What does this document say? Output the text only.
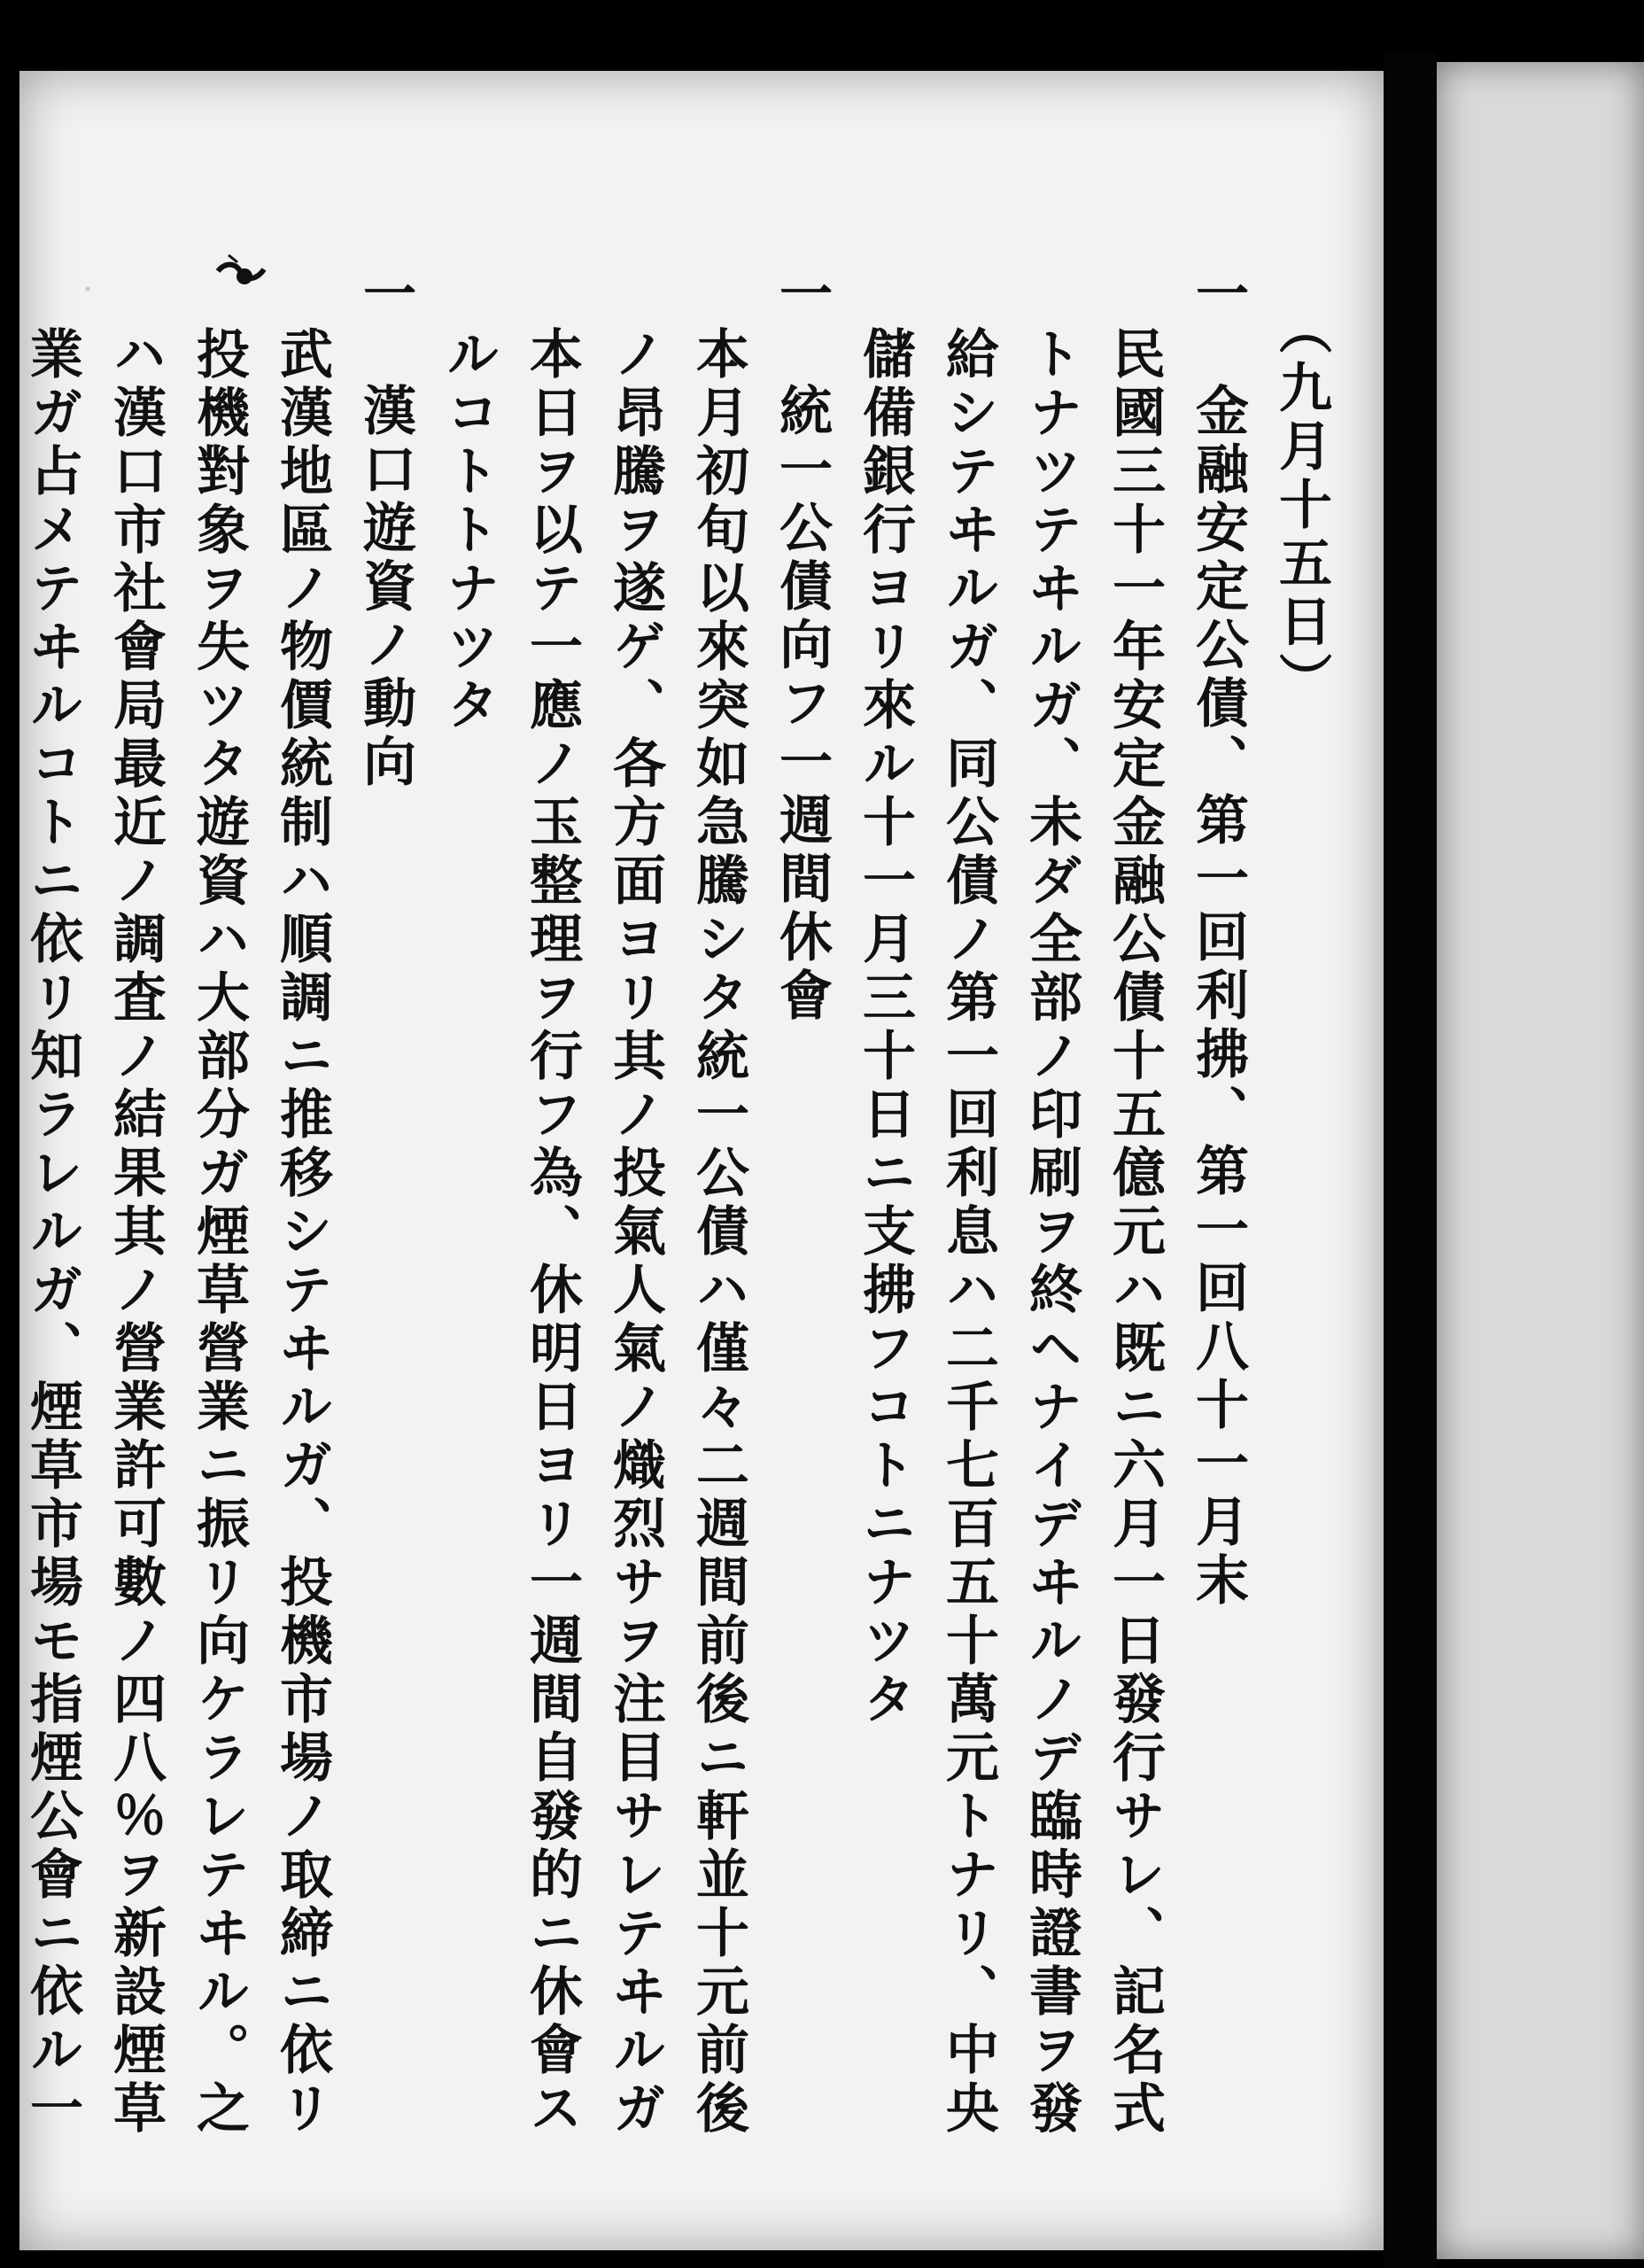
（九月十五日）
一　金融安定公債、第一回利拂、第一回八十一月末
民國三十一年安定金融公債十五億元ハ既ニ六月一日發行サレ、記名式
トナツテヰルガ、未ダ全部ノ印刷ヲ終ヘナイデヰルノデ臨時證書ヲ發
給シテヰルガ、同公債ノ第一回利息ハ二千七百五十萬元トナリ、中央
儲備銀行ヨリ來ル十一月三十日ニ支拂フコトニナツタ
一　統一公債向フ一週間休會
本月初旬以來突如急騰シタ統一公債ハ僅々二週間前後ニ軒並十元前後
ノ昂騰ヲ遂ゲ、各方面ヨリ其ノ投氣人氣ノ熾烈サヲ注目サレテヰルガ
本日ヲ以テ一應ノ玉整理ヲ行フ為、休明日ヨリ一週間自發的ニ休會ス
ルコトトナツタ
一　漢口遊資ノ動向
武漢地區ノ物價統制ハ順調ニ推移シテヰルガ、投機市場ノ取締ニ依リ
投機對象ヲ失ツタ遊資ハ大部分ガ煙草營業ニ振リ向ケラレテヰル。之
ハ漢口市社會局最近ノ調査ノ結果其ノ營業許可數ノ四八％ヲ新設煙草
業ガ占メテヰルコトニ依リ知ラレルガ、煙草市場モ指煙公會ニ依ル一
